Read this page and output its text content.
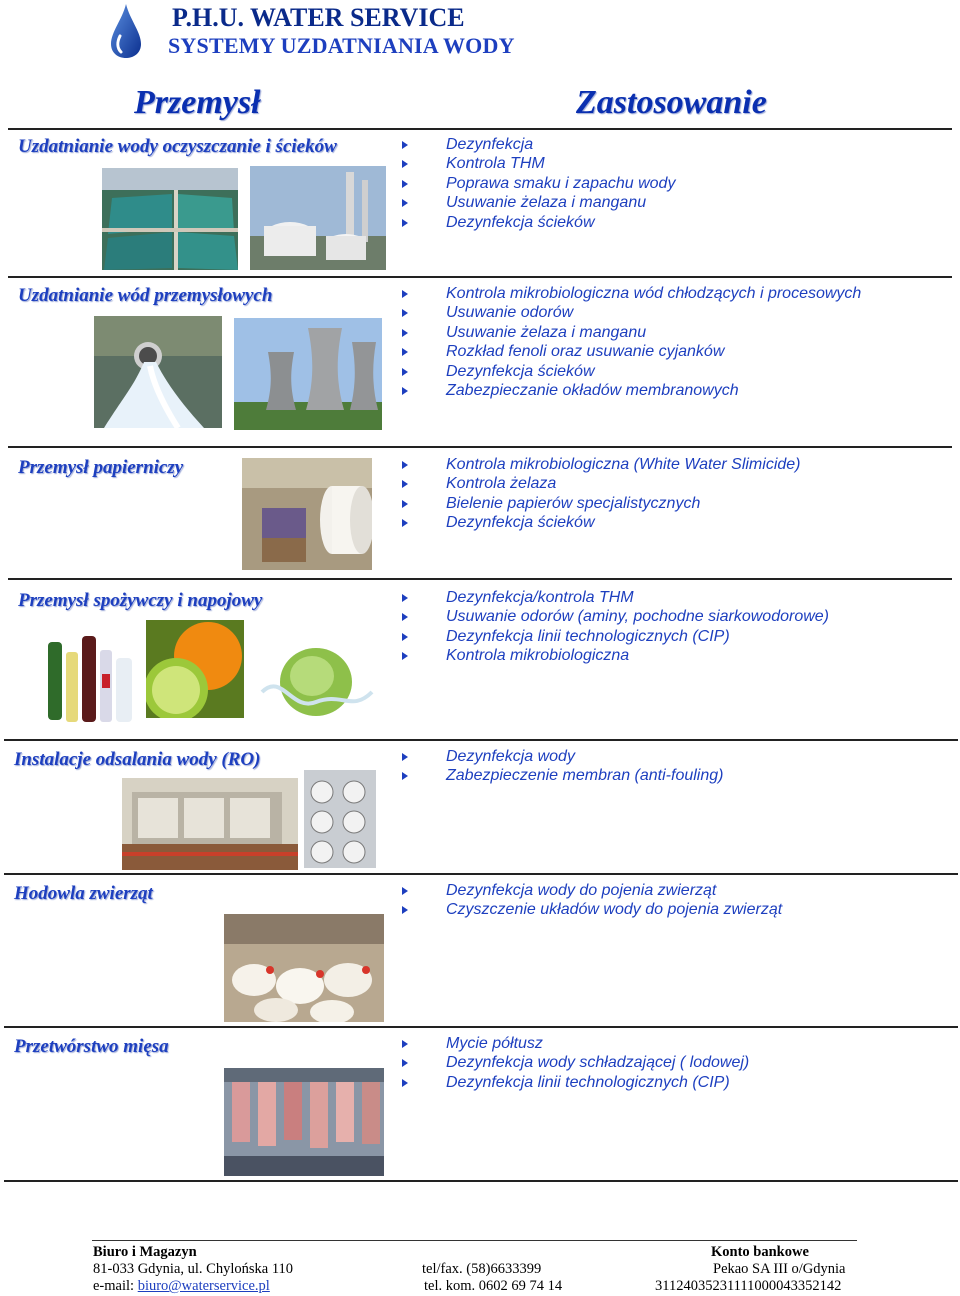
P.H.U. WATER SERVICE
SYSTEMY UZDATNIANIA WODY
Przemysł	Zastosowanie
Uzdatnianie wody oczyszczanie i ścieków	Dezynfekcja
Kontrola THM
Poprawa smaku i zapachu wody
Usuwanie żelaza i manganu
Dezynfekcja ścieków
Uzdatnianie wód przemysłowych	Kontrola mikrobiologiczna wód chłodzących i procesowych
Usuwanie odorów
Usuwanie żelaza i manganu
Rozkład fenoli oraz usuwanie cyjanków
Dezynfekcja ścieków
Zabezpieczanie okładów membranowych
Przemysł papierniczy	Kontrola mikrobiologiczna (White Water Slimicide)
Kontrola żelaza
Bielenie papierów specjalistycznych
Dezynfekcja ścieków
Przemysł spożywczy i napojowy	Dezynfekcja/kontrola THM
Usuwanie odorów (aminy, pochodne siarkowodorowe)
Dezynfekcja linii technologicznych (CIP)
Kontrola mikrobiologiczna
Instalacje odsalania wody (RO)	Dezynfekcja wody
Zabezpieczenie membran (anti-fouling)
Hodowla zwierząt	Dezynfekcja wody do pojenia zwierząt
Czyszczenie układów wody do pojenia zwierząt
Przetwórstwo mięsa	Mycie półtusz
Dezynfekcja wody schładzającej ( lodowej)
Dezynfekcja linii technologicznych (CIP)
Biuro i Magazyn
81-033 Gdynia, ul. Chylońska 110
e-mail: biuro@waterservice.pl
tel/fax. (58)6633399
tel. kom. 0602 69 74 14
Konto bankowe
Pekao SA III o/Gdynia
31124035231111000043352142
